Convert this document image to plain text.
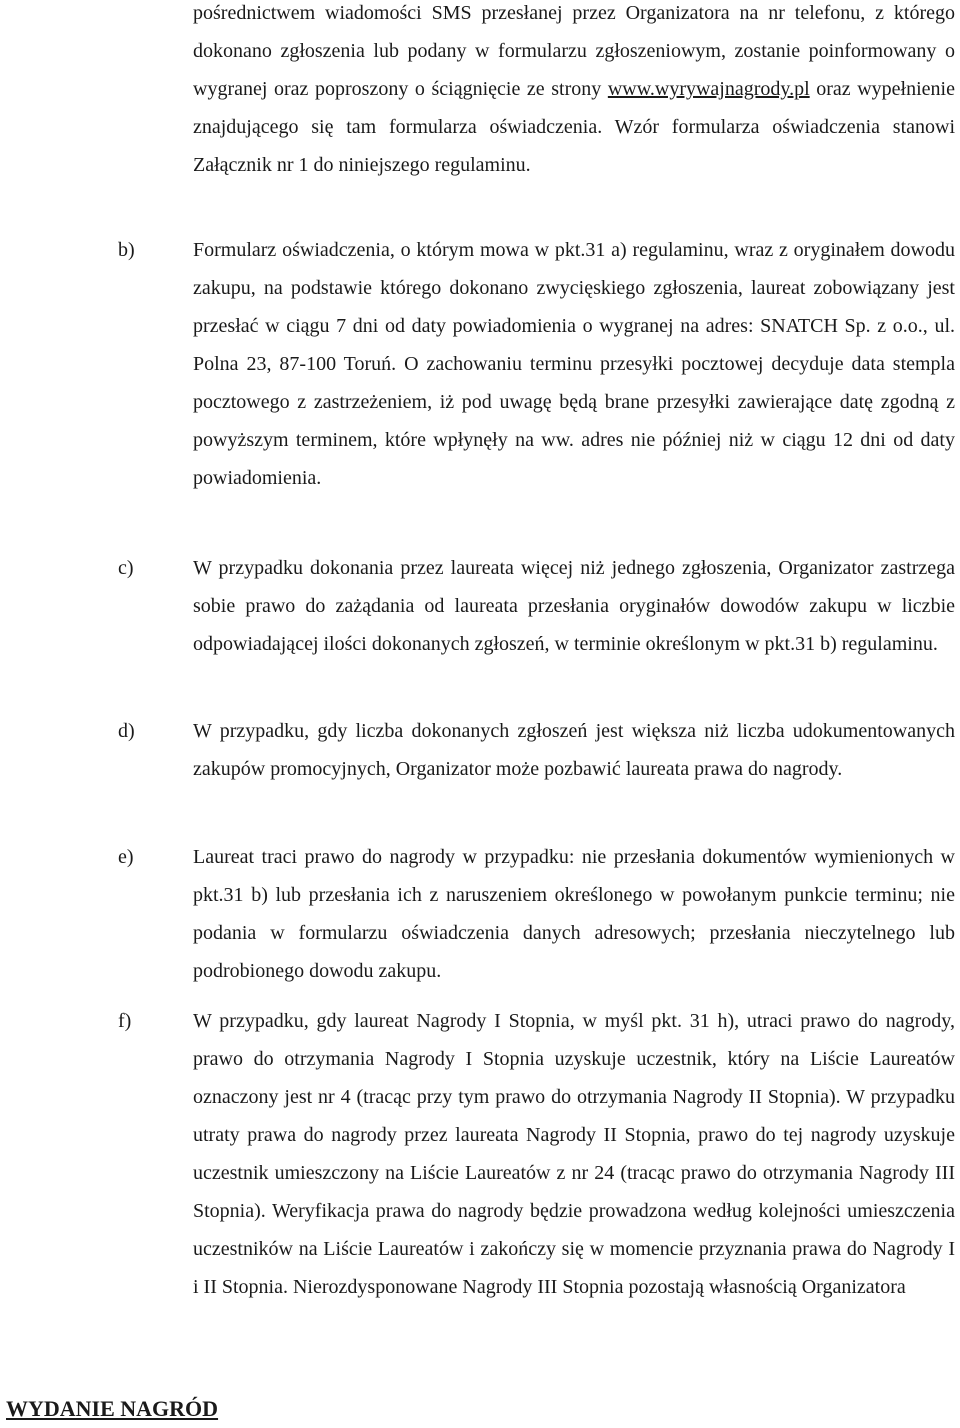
pośrednictwem wiadomości SMS przesłanej przez Organizatora na nr telefonu, z którego dokonano zgłoszenia lub podany w formularzu zgłoszeniowym, zostanie poinformowany o wygranej oraz poproszony o ściągnięcie ze strony www.wyrywajnagrody.pl oraz wypełnienie znajdującego się tam formularza oświadczenia. Wzór formularza oświadczenia stanowi Załącznik nr 1 do niniejszego regulaminu.

b)	Formularz oświadczenia, o którym mowa w pkt.31 a) regulaminu, wraz z oryginałem dowodu zakupu, na podstawie którego dokonano zwycięskiego zgłoszenia, laureat zobowiązany jest przesłać w ciągu 7 dni od daty powiadomienia o wygranej na adres: SNATCH Sp. z o.o., ul. Polna 23, 87-100 Toruń. O zachowaniu terminu przesyłki pocztowej decyduje data stempla pocztowego z zastrzeżeniem, iż pod uwagę będą brane przesyłki zawierające datę zgodną z powyższym terminem, które wpłynęły na ww. adres nie później niż w ciągu 12 dni od daty powiadomienia.

c)	W przypadku dokonania przez laureata więcej niż jednego zgłoszenia, Organizator zastrzega sobie prawo do zażądania od laureata przesłania oryginałów dowodów zakupu w liczbie odpowiadającej ilości dokonanych zgłoszeń, w terminie określonym w pkt.31 b) regulaminu.

d)	W przypadku, gdy liczba dokonanych zgłoszeń jest większa niż liczba udokumentowanych zakupów promocyjnych, Organizator może pozbawić laureata prawa do nagrody.

e)	Laureat traci prawo do nagrody w przypadku: nie przesłania dokumentów wymienionych w pkt.31 b) lub przesłania ich z naruszeniem określonego w powołanym punkcie terminu; nie podania w formularzu oświadczenia danych adresowych; przesłania nieczytelnego lub podrobionego dowodu zakupu.

f)	W przypadku, gdy laureat Nagrody I Stopnia, w myśl pkt. 31 h), utraci prawo do nagrody, prawo do otrzymania Nagrody I Stopnia uzyskuje uczestnik, który na Liście Laureatów oznaczony jest nr 4 (tracąc przy tym prawo do otrzymania Nagrody II Stopnia). W przypadku utraty prawa do nagrody przez laureata Nagrody II Stopnia, prawo do tej nagrody uzyskuje uczestnik umieszczony na Liście Laureatów z nr 24 (tracąc prawo do otrzymania Nagrody III Stopnia). Weryfikacja prawa do nagrody będzie prowadzona według kolejności umieszczenia uczestników na Liście Laureatów i zakończy się w momencie przyznania prawa do Nagrody I i II Stopnia. Nierozdysponowane Nagrody III Stopnia pozostają własnością Organizatora

WYDANIE NAGRÓD
